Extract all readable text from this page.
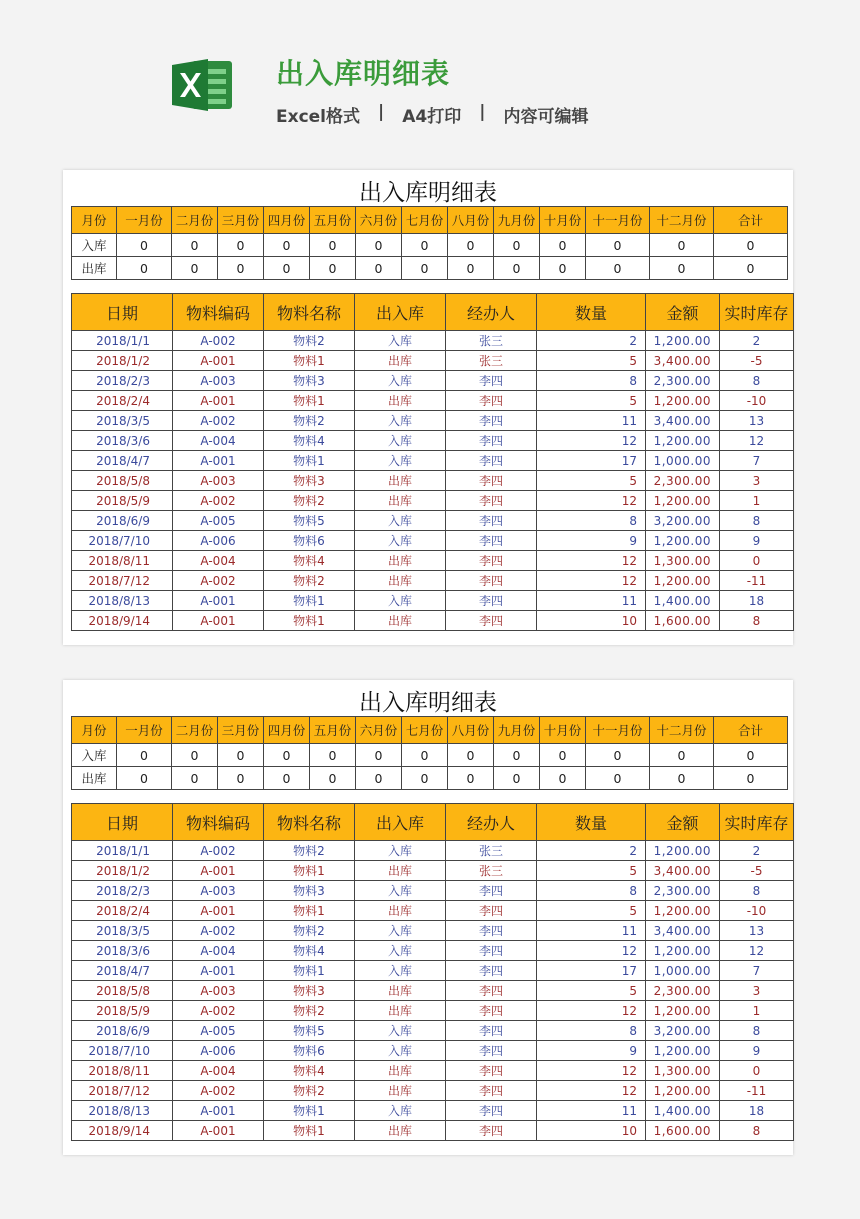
出入库明细表
Excel格式 | A4打印 | 内容可编辑
出入库明细表
月份	一月份	二月份	三月份	四月份	五月份	六月份	七月份	八月份	九月份	十月份	十一月份	十二月份	合计
入库	0	0	0	0	0	0	0	0	0	0	0	0	0
出库	0	0	0	0	0	0	0	0	0	0	0	0	0
日期	物料编码	物料名称	出入库	经办人	数量	金额	实时库存
2018/1/1	A-002	物料2	入库	张三	2	1,200.00	2
2018/1/2	A-001	物料1	出库	张三	5	3,400.00	-5
2018/2/3	A-003	物料3	入库	李四	8	2,300.00	8
2018/2/4	A-001	物料1	出库	李四	5	1,200.00	-10
2018/3/5	A-002	物料2	入库	李四	11	3,400.00	13
2018/3/6	A-004	物料4	入库	李四	12	1,200.00	12
2018/4/7	A-001	物料1	入库	李四	17	1,000.00	7
2018/5/8	A-003	物料3	出库	李四	5	2,300.00	3
2018/5/9	A-002	物料2	出库	李四	12	1,200.00	1
2018/6/9	A-005	物料5	入库	李四	8	3,200.00	8
2018/7/10	A-006	物料6	入库	李四	9	1,200.00	9
2018/8/11	A-004	物料4	出库	李四	12	1,300.00	0
2018/7/12	A-002	物料2	出库	李四	12	1,200.00	-11
2018/8/13	A-001	物料1	入库	李四	11	1,400.00	18
2018/9/14	A-001	物料1	出库	李四	10	1,600.00	8
出入库明细表
月份	一月份	二月份	三月份	四月份	五月份	六月份	七月份	八月份	九月份	十月份	十一月份	十二月份	合计
入库	0	0	0	0	0	0	0	0	0	0	0	0	0
出库	0	0	0	0	0	0	0	0	0	0	0	0	0
日期	物料编码	物料名称	出入库	经办人	数量	金额	实时库存
2018/1/1	A-002	物料2	入库	张三	2	1,200.00	2
2018/1/2	A-001	物料1	出库	张三	5	3,400.00	-5
2018/2/3	A-003	物料3	入库	李四	8	2,300.00	8
2018/2/4	A-001	物料1	出库	李四	5	1,200.00	-10
2018/3/5	A-002	物料2	入库	李四	11	3,400.00	13
2018/3/6	A-004	物料4	入库	李四	12	1,200.00	12
2018/4/7	A-001	物料1	入库	李四	17	1,000.00	7
2018/5/8	A-003	物料3	出库	李四	5	2,300.00	3
2018/5/9	A-002	物料2	出库	李四	12	1,200.00	1
2018/6/9	A-005	物料5	入库	李四	8	3,200.00	8
2018/7/10	A-006	物料6	入库	李四	9	1,200.00	9
2018/8/11	A-004	物料4	出库	李四	12	1,300.00	0
2018/7/12	A-002	物料2	出库	李四	12	1,200.00	-11
2018/8/13	A-001	物料1	入库	李四	11	1,400.00	18
2018/9/14	A-001	物料1	出库	李四	10	1,600.00	8
